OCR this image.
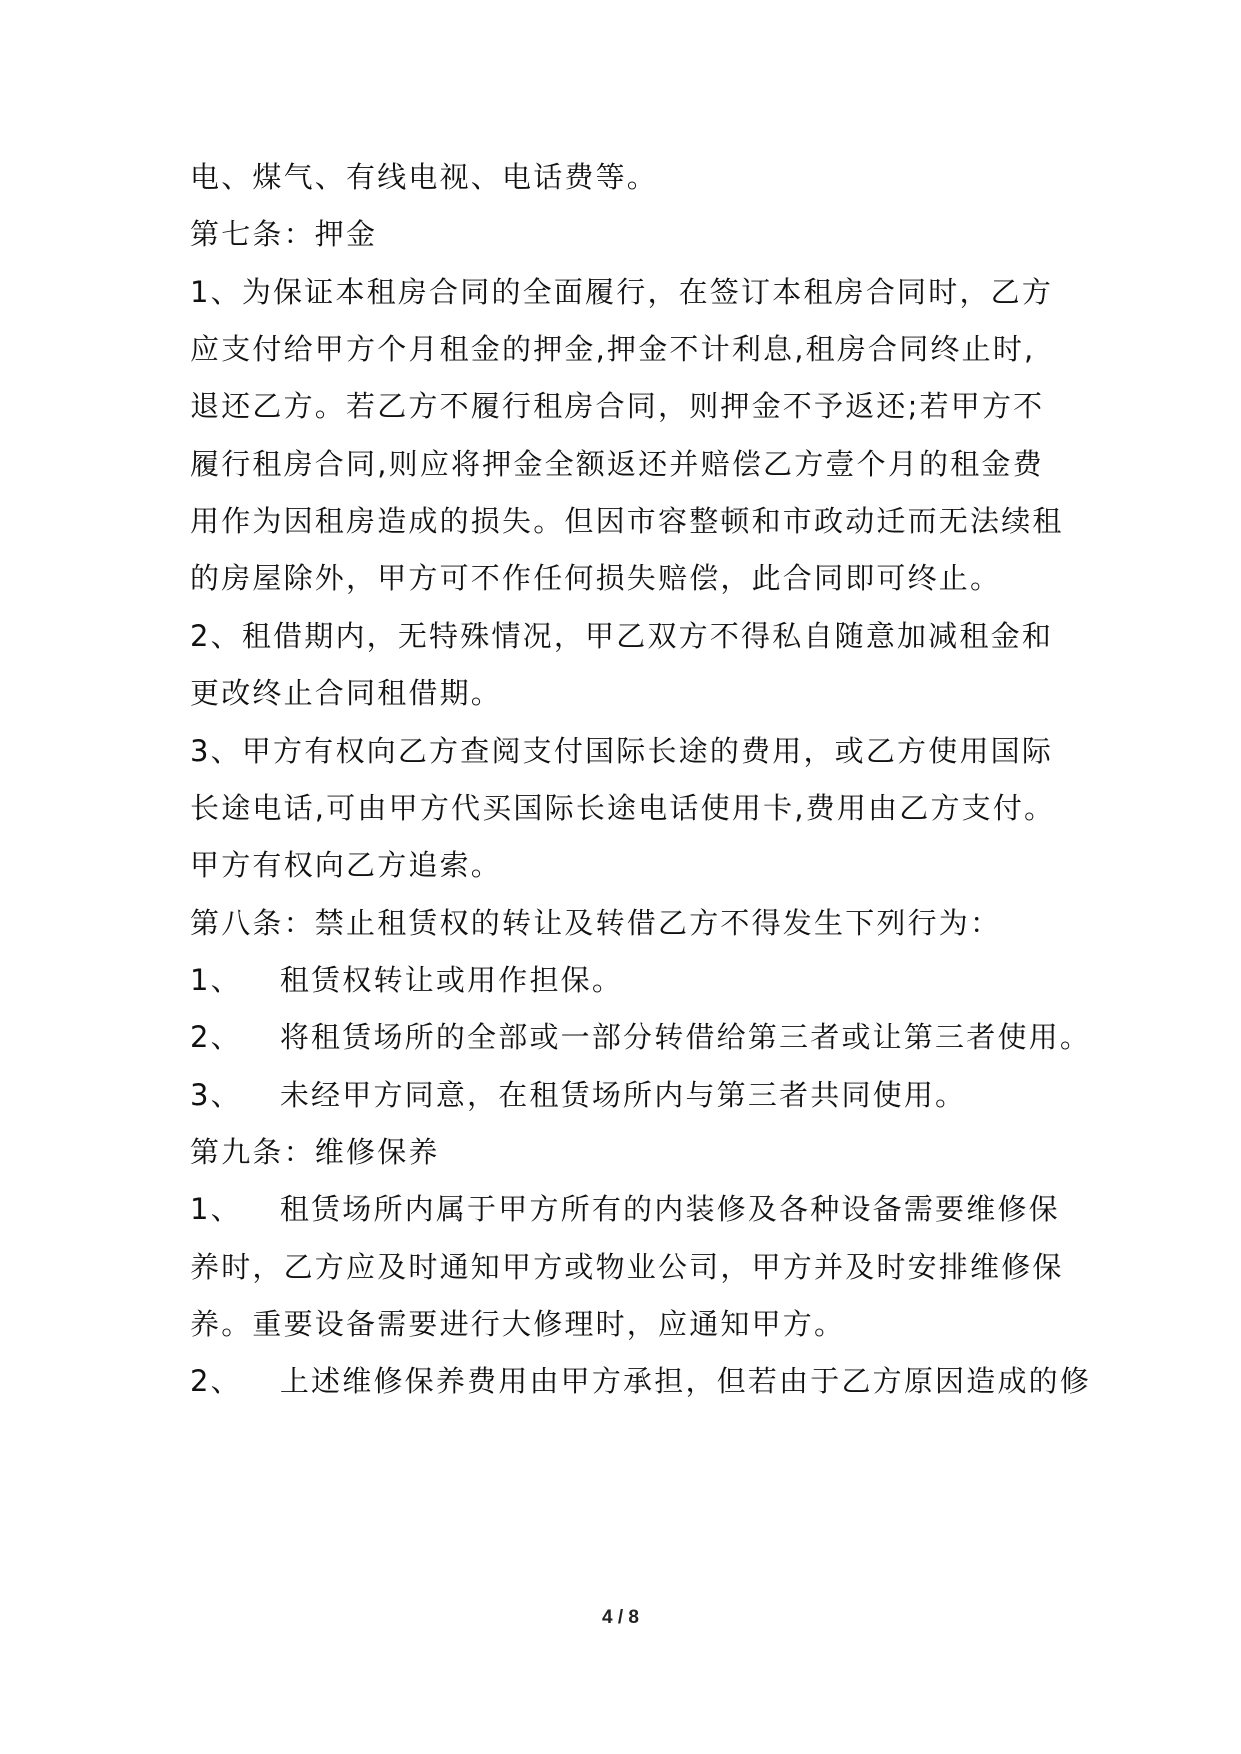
电、煤气、有线电视、电话费等。
第七条：押金
1、为保证本租房合同的全面履行，在签订本租房合同时，乙方
应支付给甲方个月租金的押金,押金不计利息,租房合同终止时,
退还乙方。若乙方不履行租房合同，则押金不予返还;若甲方不
履行租房合同,则应将押金全额返还并赔偿乙方壹个月的租金费
用作为因租房造成的损失。但因市容整顿和市政动迁而无法续租
的房屋除外，甲方可不作任何损失赔偿，此合同即可终止。
2、租借期内，无特殊情况，甲乙双方不得私自随意加减租金和
更改终止合同租借期。
3、甲方有权向乙方查阅支付国际长途的费用，或乙方使用国际
长途电话,可由甲方代买国际长途电话使用卡,费用由乙方支付。
甲方有权向乙方追索。
第八条：禁止租赁权的转让及转借乙方不得发生下列行为：
1、 租赁权转让或用作担保。
2、 将租赁场所的全部或一部分转借给第三者或让第三者使用。
3、 未经甲方同意，在租赁场所内与第三者共同使用。
第九条：维修保养
1、 租赁场所内属于甲方所有的内装修及各种设备需要维修保
养时，乙方应及时通知甲方或物业公司，甲方并及时安排维修保
养。重要设备需要进行大修理时，应通知甲方。
2、 上述维修保养费用由甲方承担，但若由于乙方原因造成的修
4 / 8
